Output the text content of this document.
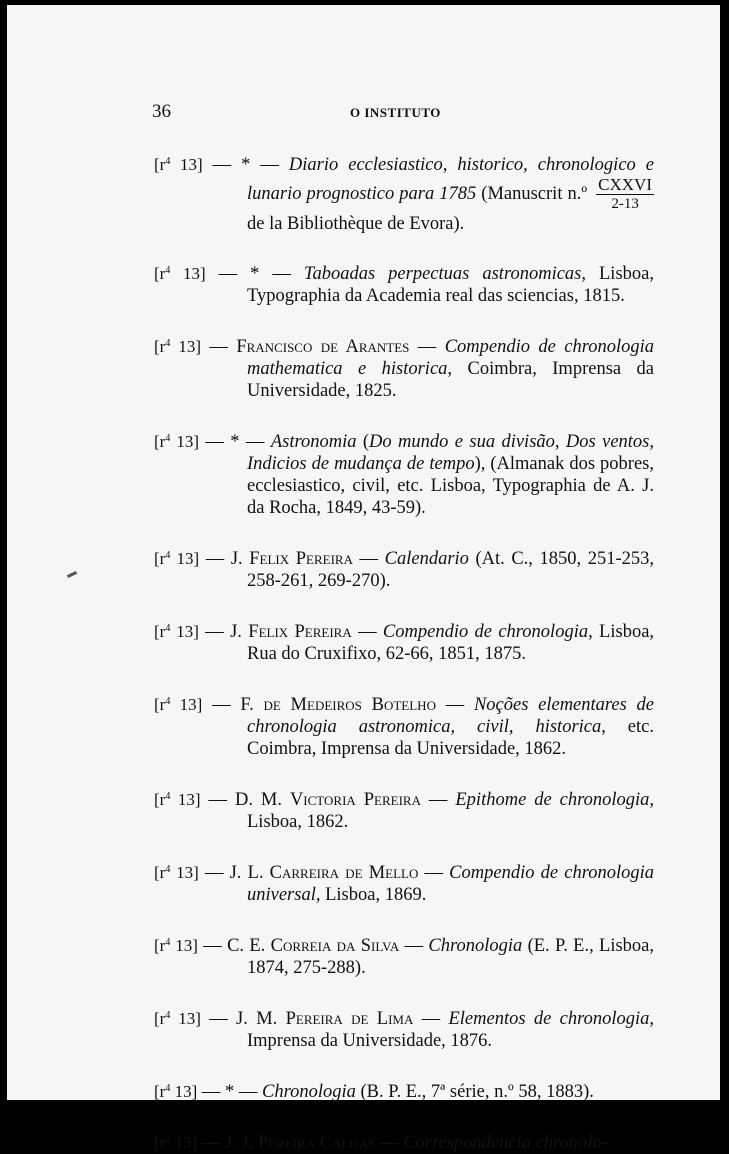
36	O INSTITUTO

[$r^4$ 13] — * — Diario ecclesiastico, historico, chronologico e lunario prognostico para 1785 (Manuscrit n.º $\frac{\text{CXXVI}}{2-13}$
de la Bibliothèque de Evora).

[$r^4$ 13] — * — Taboadas perpectuas astronomicas, Lisboa, Typographia da Academia real das sciencias, 1815.

[$r^4$ 13] — Francisco de Arantes — Compendio de chronologia mathematica e historica, Coimbra, Imprensa da Universidade, 1825.

[$r^4$ 13] — * — Astronomia (Do mundo e sua divisão, Dos ventos, Indicios de mudança de tempo), (Almanak dos pobres, ecclesiastico, civil, etc. Lisboa, Typographia de A. J. da Rocha, 1849, 43-59).

[$r^4$ 13] — J. Felix Pereira — Calendario (At. C., 1850, 251-253, 258-261, 269-270).

[$r^4$ 13] — J. Felix Pereira — Compendio de chronologia, Lisboa, Rua do Cruxifixo, 62-66, 1851, 1875.

[$r^4$ 13] — F. de Medeiros Botelho — Noções elementares de chronologia astronomica, civil, historica, etc. Coimbra, Imprensa da Universidade, 1862.

[$r^4$ 13] — D. M. Victoria Pereira — Epithome de chronologia, Lisboa, 1862.

[$r^4$ 13] — J. L. Carreira de Mello — Compendio de chronologia universal, Lisboa, 1869.

[$r^4$ 13] — C. E. Correia da Silva — Chronologia (E. P. E., Lisboa, 1874, 275-288).

[$r^4$ 13] — J. M. Pereira de Lima — Elementos de chronologia, Imprensa da Universidade, 1876.

[$r^4$ 13] — * — Chronologia (B. P. E., 7ª série, n.º 58, 1883).

[$r^4$ 13] — J. J. Pereira Caldas — Correspondencia chronolo-
